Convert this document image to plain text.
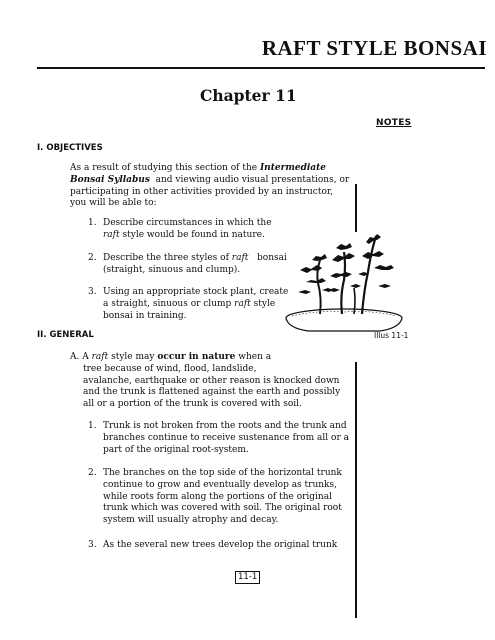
RAFT STYLE BONSAI
Chapter 11
NOTES
I. OBJECTIVES

As a result of studying this section of the Intermediate

Bonsai Syllabus and viewing audio visual presentations, or

participating in other activities provided by an instructor,

you will be able to:

1. Describe circumstances in which the
raft style would be found in nature.
2. Describe the three styles of raft bonsai
(straight, sinuous and clump).
3. Using an appropriate stock plant, create
a straight, sinuous or clump raft style
bonsai in training.
Illus 11-1
II. GENERAL

A. A raft style may occur in nature when a

tree because of wind, flood, landslide,

avalanche, earthquake or other reason is knocked down

and the trunk is flattened against the earth and possibly

all or a portion of the trunk is covered with soil.

1. Trunk is not broken from the roots and the trunk and
branches continue to receive sustenance from all or a
part of the original root-system.
2. The branches on the top side of the horizontal trunk
continue to grow and eventually develop as trunks,
while roots form along the portions of the original
trunk which was covered with soil. The original root
system will usually atrophy and decay.
3. As the several new trees develop the original trunk
11-1
